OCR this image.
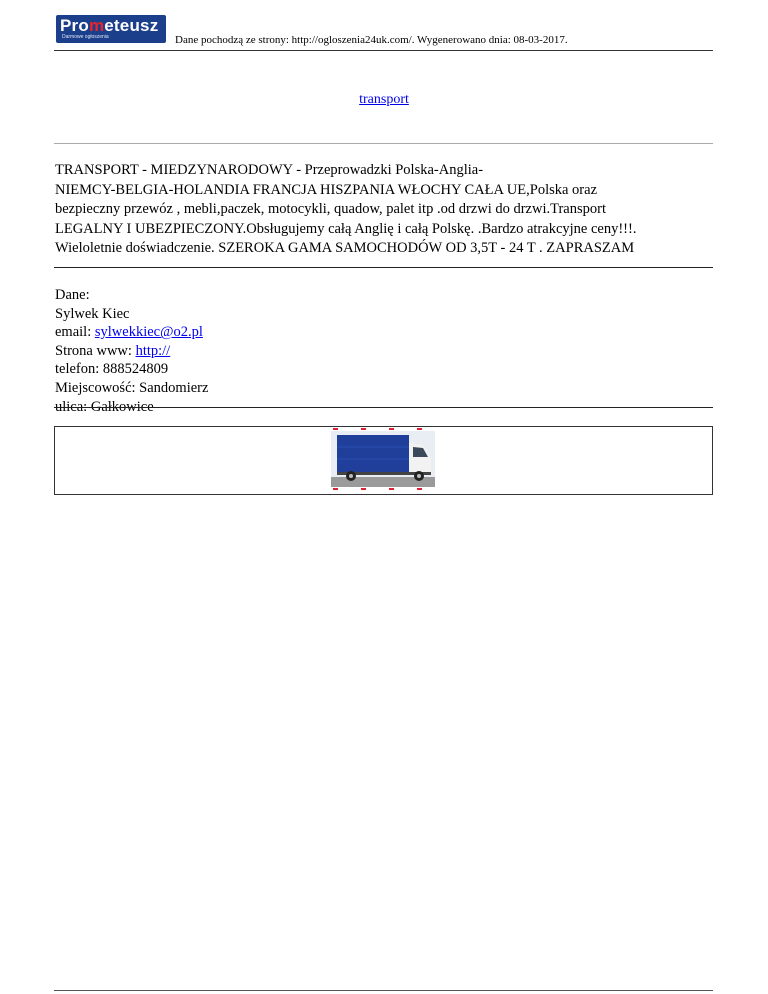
Prometeusz
Darmowe ogłoszenia	Dane pochodzą ze strony: http://ogloszenia24uk.com/. Wygenerowano dnia: 08-03-2017.
transport

TRANSPORT - MIEDZYNARODOWY - Przeprowadzki Polska-Anglia-

NIEMCY-BELGIA-HOLANDIA FRANCJA HISZPANIA WŁOCHY CAŁA UE,Polska oraz

bezpieczny przewóz , mebli,paczek, motocykli, quadow, palet itp .od drzwi do drzwi.Transport

LEGALNY I UBEZPIECZONY.Obsługujemy całą Anglię i całą Polskę. .Bardzo atrakcyjne ceny!!!.

Wieloletnie doświadczenie. SZEROKA GAMA SAMOCHODÓW OD 3,5T - 24 T . ZAPRASZAM

Dane:

Sylwek Kiec

email: sylwekkiec@o2.pl

Strona www: http://

telefon: 888524809

Miejscowość: Sandomierz

ulica: Gałkowice
